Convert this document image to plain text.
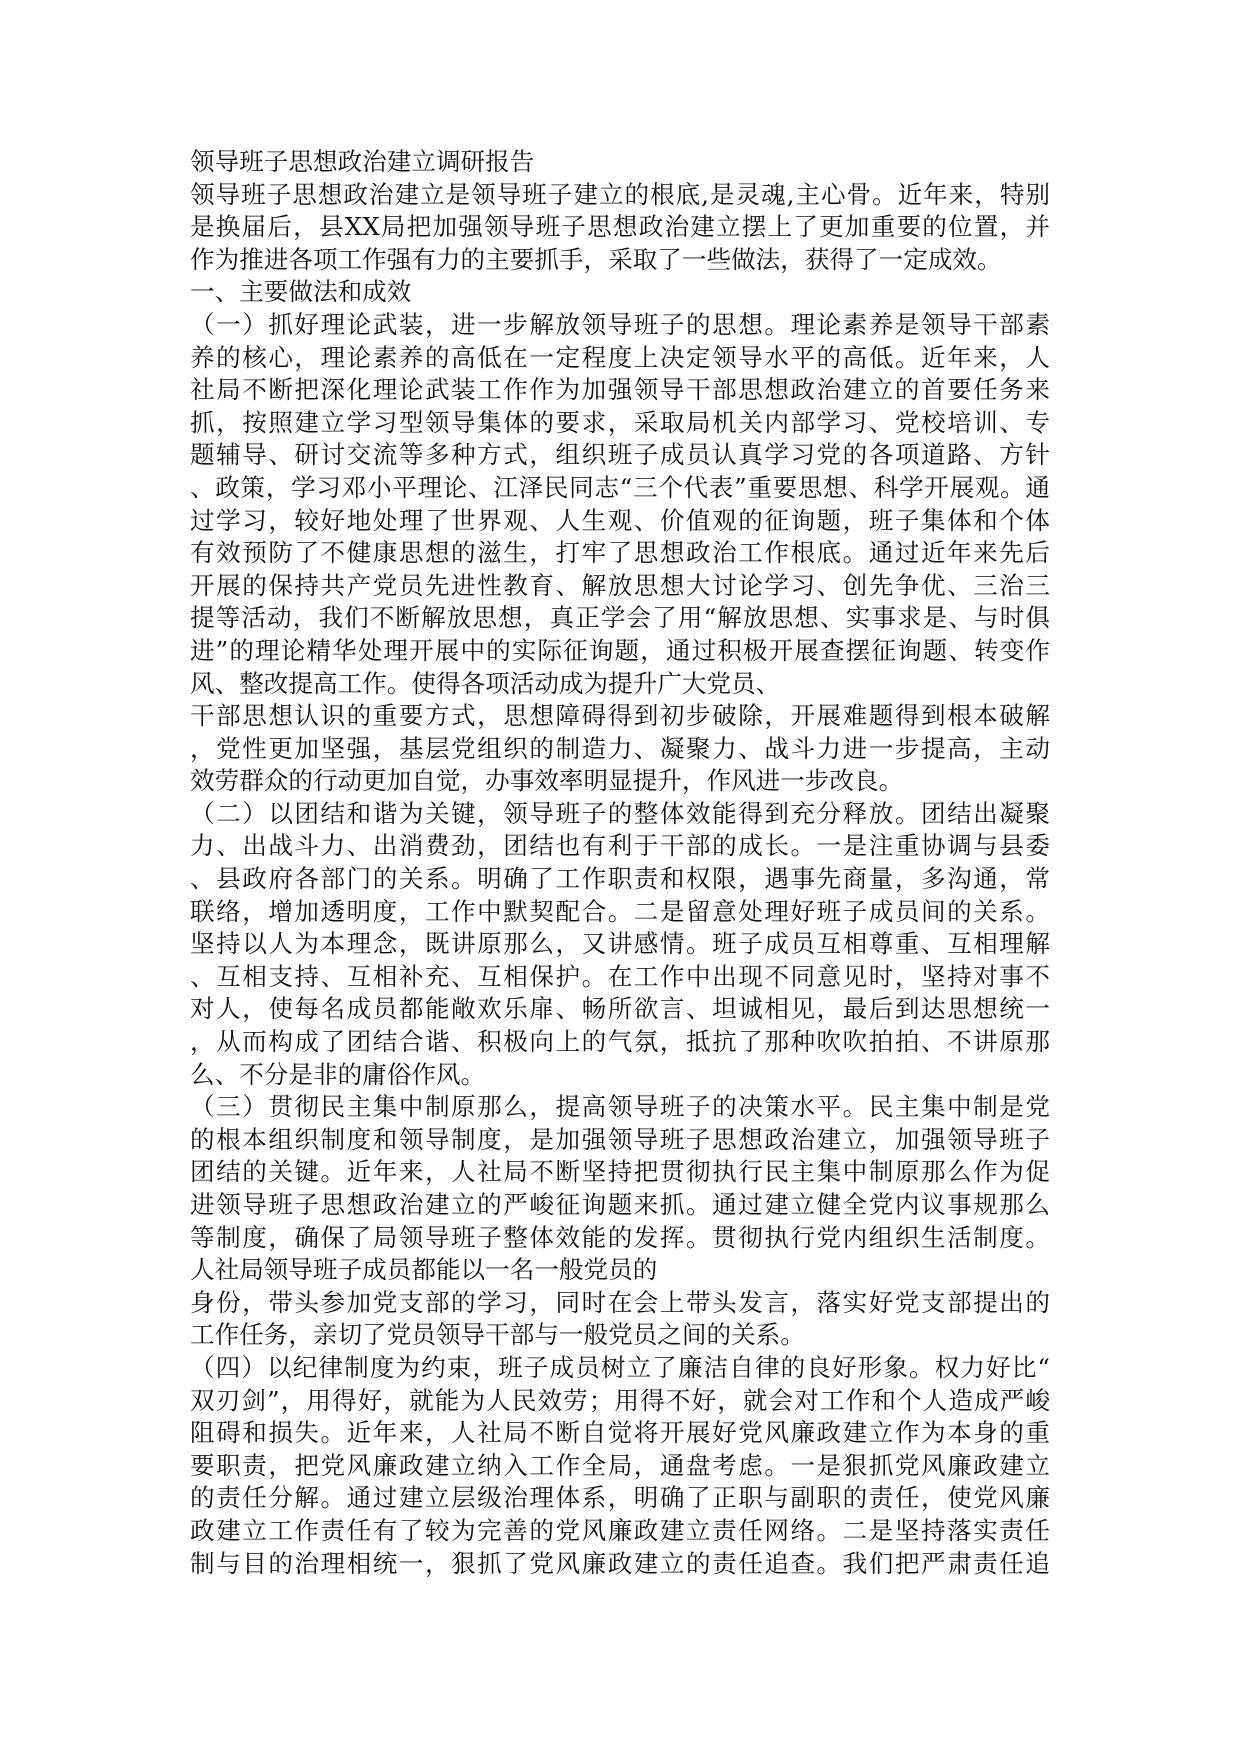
领导班子思想政治建立调研报告
领导班子思想政治建立是领导班子建立的根底,是灵魂,主心骨。近年来，特别
是换届后，县XX局把加强领导班子思想政治建立摆上了更加重要的位置，并
作为推进各项工作强有力的主要抓手，采取了一些做法，获得了一定成效。
一、主要做法和成效
（一）抓好理论武装，进一步解放领导班子的思想。理论素养是领导干部素
养的核心，理论素养的高低在一定程度上决定领导水平的高低。近年来，人
社局不断把深化理论武装工作作为加强领导干部思想政治建立的首要任务来
抓，按照建立学习型领导集体的要求，采取局机关内部学习、党校培训、专
题辅导、研讨交流等多种方式，组织班子成员认真学习党的各项道路、方针
、政策，学习邓小平理论、江泽民同志“三个代表”重要思想、科学开展观。通
过学习，较好地处理了世界观、人生观、价值观的征询题，班子集体和个体
有效预防了不健康思想的滋生，打牢了思想政治工作根底。通过近年来先后
开展的保持共产党员先进性教育、解放思想大讨论学习、创先争优、三治三
提等活动，我们不断解放思想，真正学会了用“解放思想、实事求是、与时俱
进”的理论精华处理开展中的实际征询题，通过积极开展查摆征询题、转变作
风、整改提高工作。使得各项活动成为提升广大党员、
干部思想认识的重要方式，思想障碍得到初步破除，开展难题得到根本破解
，党性更加坚强，基层党组织的制造力、凝聚力、战斗力进一步提高，主动
效劳群众的行动更加自觉，办事效率明显提升，作风进一步改良。
（二）以团结和谐为关键，领导班子的整体效能得到充分释放。团结出凝聚
力、出战斗力、出消费劲，团结也有利于干部的成长。一是注重协调与县委
、县政府各部门的关系。明确了工作职责和权限，遇事先商量，多沟通，常
联络，增加透明度，工作中默契配合。二是留意处理好班子成员间的关系。
坚持以人为本理念，既讲原那么，又讲感情。班子成员互相尊重、互相理解
、互相支持、互相补充、互相保护。在工作中出现不同意见时，坚持对事不
对人，使每名成员都能敞欢乐扉、畅所欲言、坦诚相见，最后到达思想统一
，从而构成了团结合谐、积极向上的气氛，抵抗了那种吹吹拍拍、不讲原那
么、不分是非的庸俗作风。
（三）贯彻民主集中制原那么，提高领导班子的决策水平。民主集中制是党
的根本组织制度和领导制度，是加强领导班子思想政治建立，加强领导班子
团结的关键。近年来，人社局不断坚持把贯彻执行民主集中制原那么作为促
进领导班子思想政治建立的严峻征询题来抓。通过建立健全党内议事规那么
等制度，确保了局领导班子整体效能的发挥。贯彻执行党内组织生活制度。
人社局领导班子成员都能以一名一般党员的
身份，带头参加党支部的学习，同时在会上带头发言，落实好党支部提出的
工作任务，亲切了党员领导干部与一般党员之间的关系。
（四）以纪律制度为约束，班子成员树立了廉洁自律的良好形象。权力好比“
双刃剑”，用得好，就能为人民效劳；用得不好，就会对工作和个人造成严峻
阻碍和损失。近年来，人社局不断自觉将开展好党风廉政建立作为本身的重
要职责，把党风廉政建立纳入工作全局，通盘考虑。一是狠抓党风廉政建立
的责任分解。通过建立层级治理体系，明确了正职与副职的责任，使党风廉
政建立工作责任有了较为完善的党风廉政建立责任网络。二是坚持落实责任
制与目的治理相统一，狠抓了党风廉政建立的责任追查。我们把严肃责任追
